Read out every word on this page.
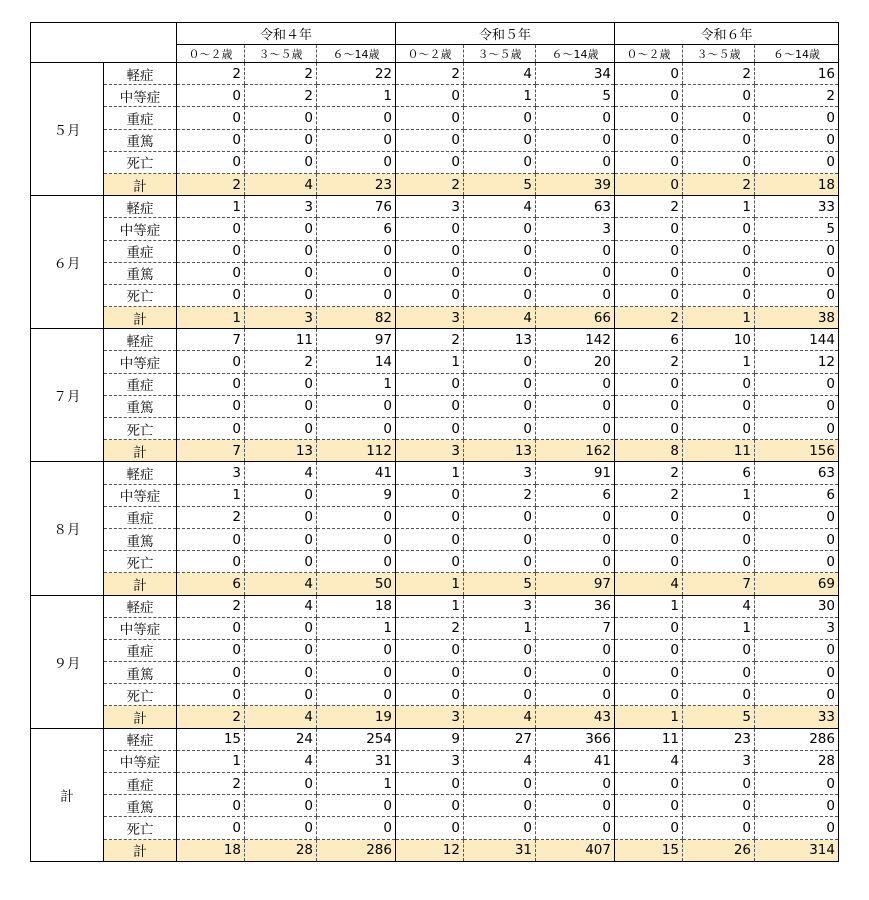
		令和４年			令和５年			令和６年		
		０～２歳	３～５歳	６～14歳	０～２歳	３～５歳	６～14歳	０～２歳	３～５歳	６～14歳
５月	軽症	2	2	22	2	4	34	0	2	16
	中等症	0	2	1	0	1	5	0	0	2
	重症	0	0	0	0	0	0	0	0	0
	重篤	0	0	0	0	0	0	0	0	0
	死亡	0	0	0	0	0	0	0	0	0
	計	2	4	23	2	5	39	0	2	18
６月	軽症	1	3	76	3	4	63	2	1	33
	中等症	0	0	6	0	0	3	0	0	5
	重症	0	0	0	0	0	0	0	0	0
	重篤	0	0	0	0	0	0	0	0	0
	死亡	0	0	0	0	0	0	0	0	0
	計	1	3	82	3	4	66	2	1	38
７月	軽症	7	11	97	2	13	142	6	10	144
	中等症	0	2	14	1	0	20	2	1	12
	重症	0	0	1	0	0	0	0	0	0
	重篤	0	0	0	0	0	0	0	0	0
	死亡	0	0	0	0	0	0	0	0	0
	計	7	13	112	3	13	162	8	11	156
８月	軽症	3	4	41	1	3	91	2	6	63
	中等症	1	0	9	0	2	6	2	1	6
	重症	2	0	0	0	0	0	0	0	0
	重篤	0	0	0	0	0	0	0	0	0
	死亡	0	0	0	0	0	0	0	0	0
	計	6	4	50	1	5	97	4	7	69
９月	軽症	2	4	18	1	3	36	1	4	30
	中等症	0	0	1	2	1	7	0	1	3
	重症	0	0	0	0	0	0	0	0	0
	重篤	0	0	0	0	0	0	0	0	0
	死亡	0	0	0	0	0	0	0	0	0
	計	2	4	19	3	4	43	1	5	33
計	軽症	15	24	254	9	27	366	11	23	286
	中等症	1	4	31	3	4	41	4	3	28
	重症	2	0	1	0	0	0	0	0	0
	重篤	0	0	0	0	0	0	0	0	0
	死亡	0	0	0	0	0	0	0	0	0
	計	18	28	286	12	31	407	15	26	314
